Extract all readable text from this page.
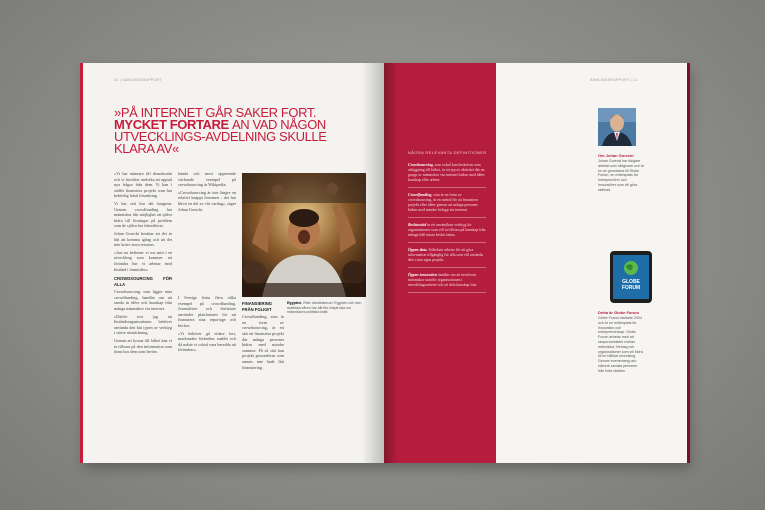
10 | SAMLINGSRAPPORT
»PÅ INTERNET GÅR SAKER FORT. MYCKET FORTARE AN VAD NÅGON UTVECKLINGS-AVDELNING SKULLE KLARA AV«

»Vi har närmare till demokratin och vi försöker undvika att uppstå nya frågor från dem. Vi kan i stället finansiera projekt som har behövlig lokal förankring.

Vi har sett hur det fungerar. Genom crowdfunding har människor fått möjlighet att själva bidra till lösningar på problem som de själva har identifierat.

Johan Gorecki berättar att det är lätt att komma igång och att det inte krävs stora resurser.

»Just nu befinner vi oss mitt i en utveckling som kommer att förändra hur vi arbetar med bistånd i framtiden«

CROWDSOURCING FÖR ALLA

Crowdsourcing, som ligger nära crowdfunding, handlar om att samla in idéer och kunskap från många människor via internet.

»Därför tror jag att biståndsorganisationer behöver använda den här typen av verktyg i större utsträckning.

Genom att lyssna till folket kan vi ta tillvara på den information som finns hos dem som berörs.

kända och mest uppseende väckande exempel på crowdsourcing är Wikipedia.

»Crowdsourcing är inte längre en relativt knappt fenomen – det har blivit en del av vår vardag«, säger Johan Gorecki.

I Sverige finns flera olika exempel på crowdfunding. Journalister och författare använder plattformen för att finansiera sina reportage och böcker.

»Vi behöver gå vidare fort, marknaden förändras snabbt och då måste vi också vara beredda att förändras«.

FINANSIERING FRÅN FOLKET

Crowdfunding, som är en form av crowdsourcing, är ett sätt att finansiera projekt där många personer bidrar med mindre summor. På så sätt kan projekt genomföras som annars inte hade fått finansiering.

Egypten. Efter händelserna i Egypten och den arabiska våren har allt fler börjat tala om människors politiska kraft.
SAMLINGSRAPPORT | 11
NÅGRA RELEVANTA DEFINITIONER
Crowdsourcing, som också kan beskrivas som utläggning till folket, är en typ av aktivitet där en grupp av människor via internet bidrar med idéer, kunskap eller arbete.
Crowdfunding, som är en form av crowdsourcing, är en metod för att finansiera projekt eller idéer genom att många personer bidrar med mindre belopp via internet.
Beslutsstöd är ett användbart verktyg för organisationer som vill ta tillvara på kunskap från många håll innan beslut fattas.
Öppen data. Stiftelsen arbetar för att göra information tillgänglig för alla som vill använda den i sina egna projekt.
Öppen innovation handlar om att involvera människor utanför organisationen i utvecklingsarbetet och att dela kunskap fritt.
Om Johan Gorecki
Johan Gorecki har tidigare arbetat som rådgivare och är en av grundarna till Globe Forum, en mötesplats för entreprenörer och innovatörer som vill göra skillnad.
GLOBE
FORUM
Detta är Globe Forum
Globe Forum startade 2004 och är en mötesplats för innovation och entreprenörskap. Globe Forum arbetar med att skapa kontakter mellan människor, företag och organisationer som vill bidra till en hållbar utveckling. Genom evenemang och nätverk samlas personer från hela världen.
